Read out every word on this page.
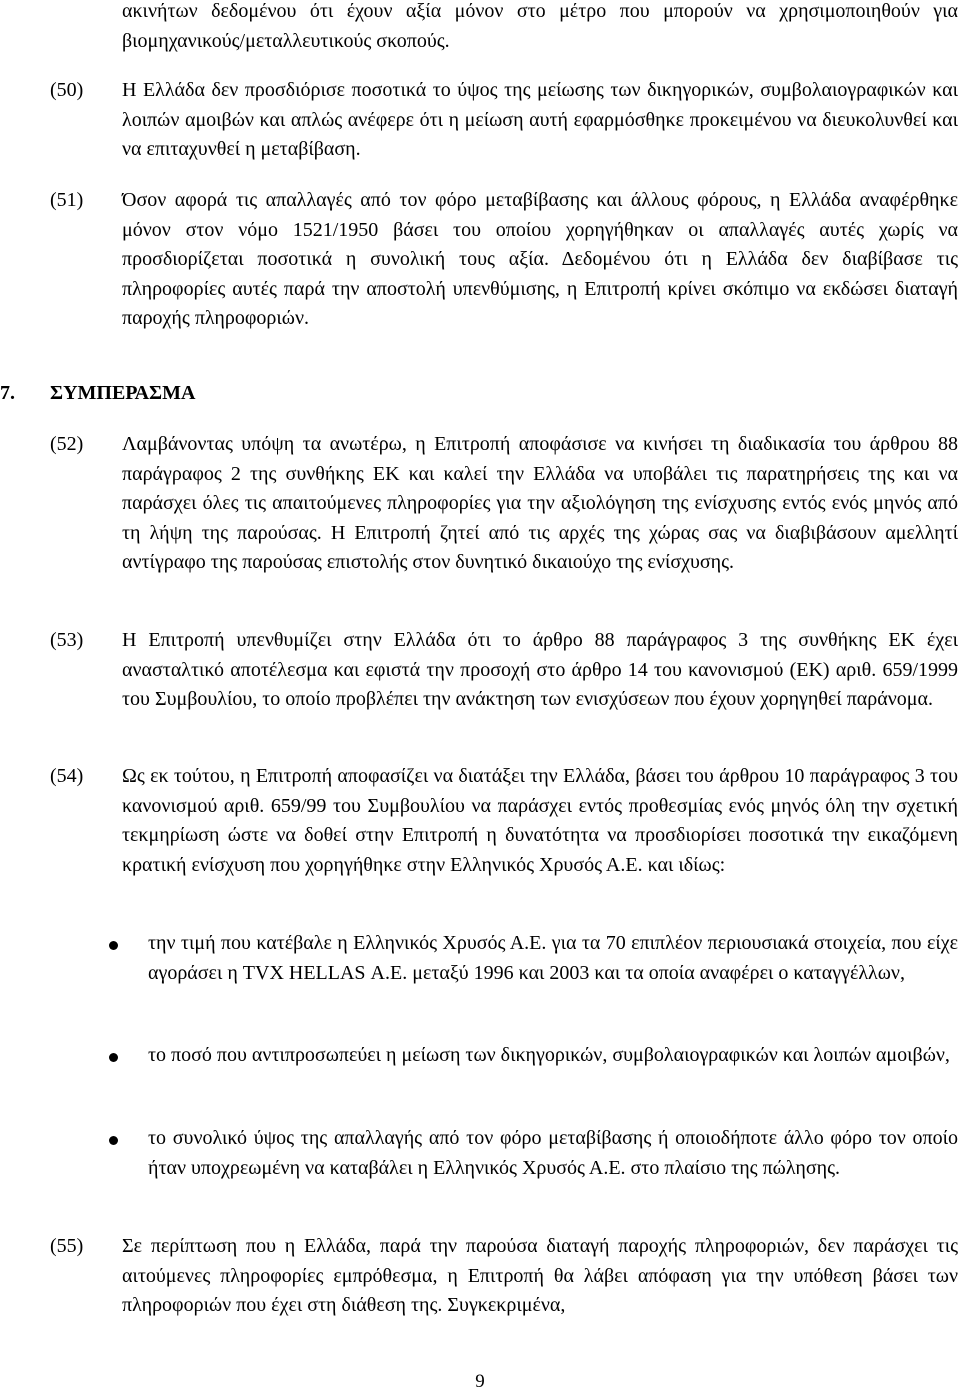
ακινήτων δεδομένου ότι έχουν αξία μόνον στο μέτρο που μπορούν να χρησιμοποιηθούν για βιομηχανικούς/μεταλλευτικούς σκοπούς.
(50) Η Ελλάδα δεν προσδιόρισε ποσοτικά το ύψος της μείωσης των δικηγορικών, συμβολαιογραφικών και λοιπών αμοιβών και απλώς ανέφερε ότι η μείωση αυτή εφαρμόσθηκε προκειμένου να διευκολυνθεί και να επιταχυνθεί η μεταβίβαση.
(51) Όσον αφορά τις απαλλαγές από τον φόρο μεταβίβασης και άλλους φόρους, η Ελλάδα αναφέρθηκε μόνον στον νόμο 1521/1950 βάσει του οποίου χορηγήθηκαν οι απαλλαγές αυτές χωρίς να προσδιορίζεται ποσοτικά η συνολική τους αξία. Δεδομένου ότι η Ελλάδα δεν διαβίβασε τις πληροφορίες αυτές παρά την αποστολή υπενθύμισης, η Επιτροπή κρίνει σκόπιμο να εκδώσει διαταγή παροχής πληροφοριών.
7. ΣΥΜΠΕΡΑΣΜΑ
(52) Λαμβάνοντας υπόψη τα ανωτέρω, η Επιτροπή αποφάσισε να κινήσει τη διαδικασία του άρθρου 88 παράγραφος 2 της συνθήκης ΕΚ και καλεί την Ελλάδα να υποβάλει τις παρατηρήσεις της και να παράσχει όλες τις απαιτούμενες πληροφορίες για την αξιολόγηση της ενίσχυσης εντός ενός μηνός από τη λήψη της παρούσας. Η Επιτροπή ζητεί από τις αρχές της χώρας σας να διαβιβάσουν αμελλητί αντίγραφο της παρούσας επιστολής στον δυνητικό δικαιούχο της ενίσχυσης.
(53) Η Επιτροπή υπενθυμίζει στην Ελλάδα ότι το άρθρο 88 παράγραφος 3 της συνθήκης ΕΚ έχει ανασταλτικό αποτέλεσμα και εφιστά την προσοχή στο άρθρο 14 του κανονισμού (ΕΚ) αριθ. 659/1999 του Συμβουλίου, το οποίο προβλέπει την ανάκτηση των ενισχύσεων που έχουν χορηγηθεί παράνομα.
(54) Ως εκ τούτου, η Επιτροπή αποφασίζει να διατάξει την Ελλάδα, βάσει του άρθρου 10 παράγραφος 3 του κανονισμού αριθ. 659/99 του Συμβουλίου να παράσχει εντός προθεσμίας ενός μηνός όλη την σχετική τεκμηρίωση ώστε να δοθεί στην Επιτροπή η δυνατότητα να προσδιορίσει ποσοτικά την εικαζόμενη κρατική ενίσχυση που χορηγήθηκε στην Ελληνικός Χρυσός Α.Ε. και ιδίως:
την τιμή που κατέβαλε η Ελληνικός Χρυσός Α.Ε. για τα 70 επιπλέον περιουσιακά στοιχεία, που είχε αγοράσει η TVX HELLAS Α.Ε. μεταξύ 1996 και 2003 και τα οποία αναφέρει ο καταγγέλλων,
το ποσό που αντιπροσωπεύει η μείωση των δικηγορικών, συμβολαιογραφικών και λοιπών αμοιβών,
το συνολικό ύψος της απαλλαγής από τον φόρο μεταβίβασης ή οποιοδήποτε άλλο φόρο τον οποίο ήταν υποχρεωμένη να καταβάλει η Ελληνικός Χρυσός Α.Ε. στο πλαίσιο της πώλησης.
(55) Σε περίπτωση που η Ελλάδα, παρά την παρούσα διαταγή παροχής πληροφοριών, δεν παράσχει τις αιτούμενες πληροφορίες εμπρόθεσμα, η Επιτροπή θα λάβει απόφαση για την υπόθεση βάσει των πληροφοριών που έχει στη διάθεση της. Συγκεκριμένα,
9
